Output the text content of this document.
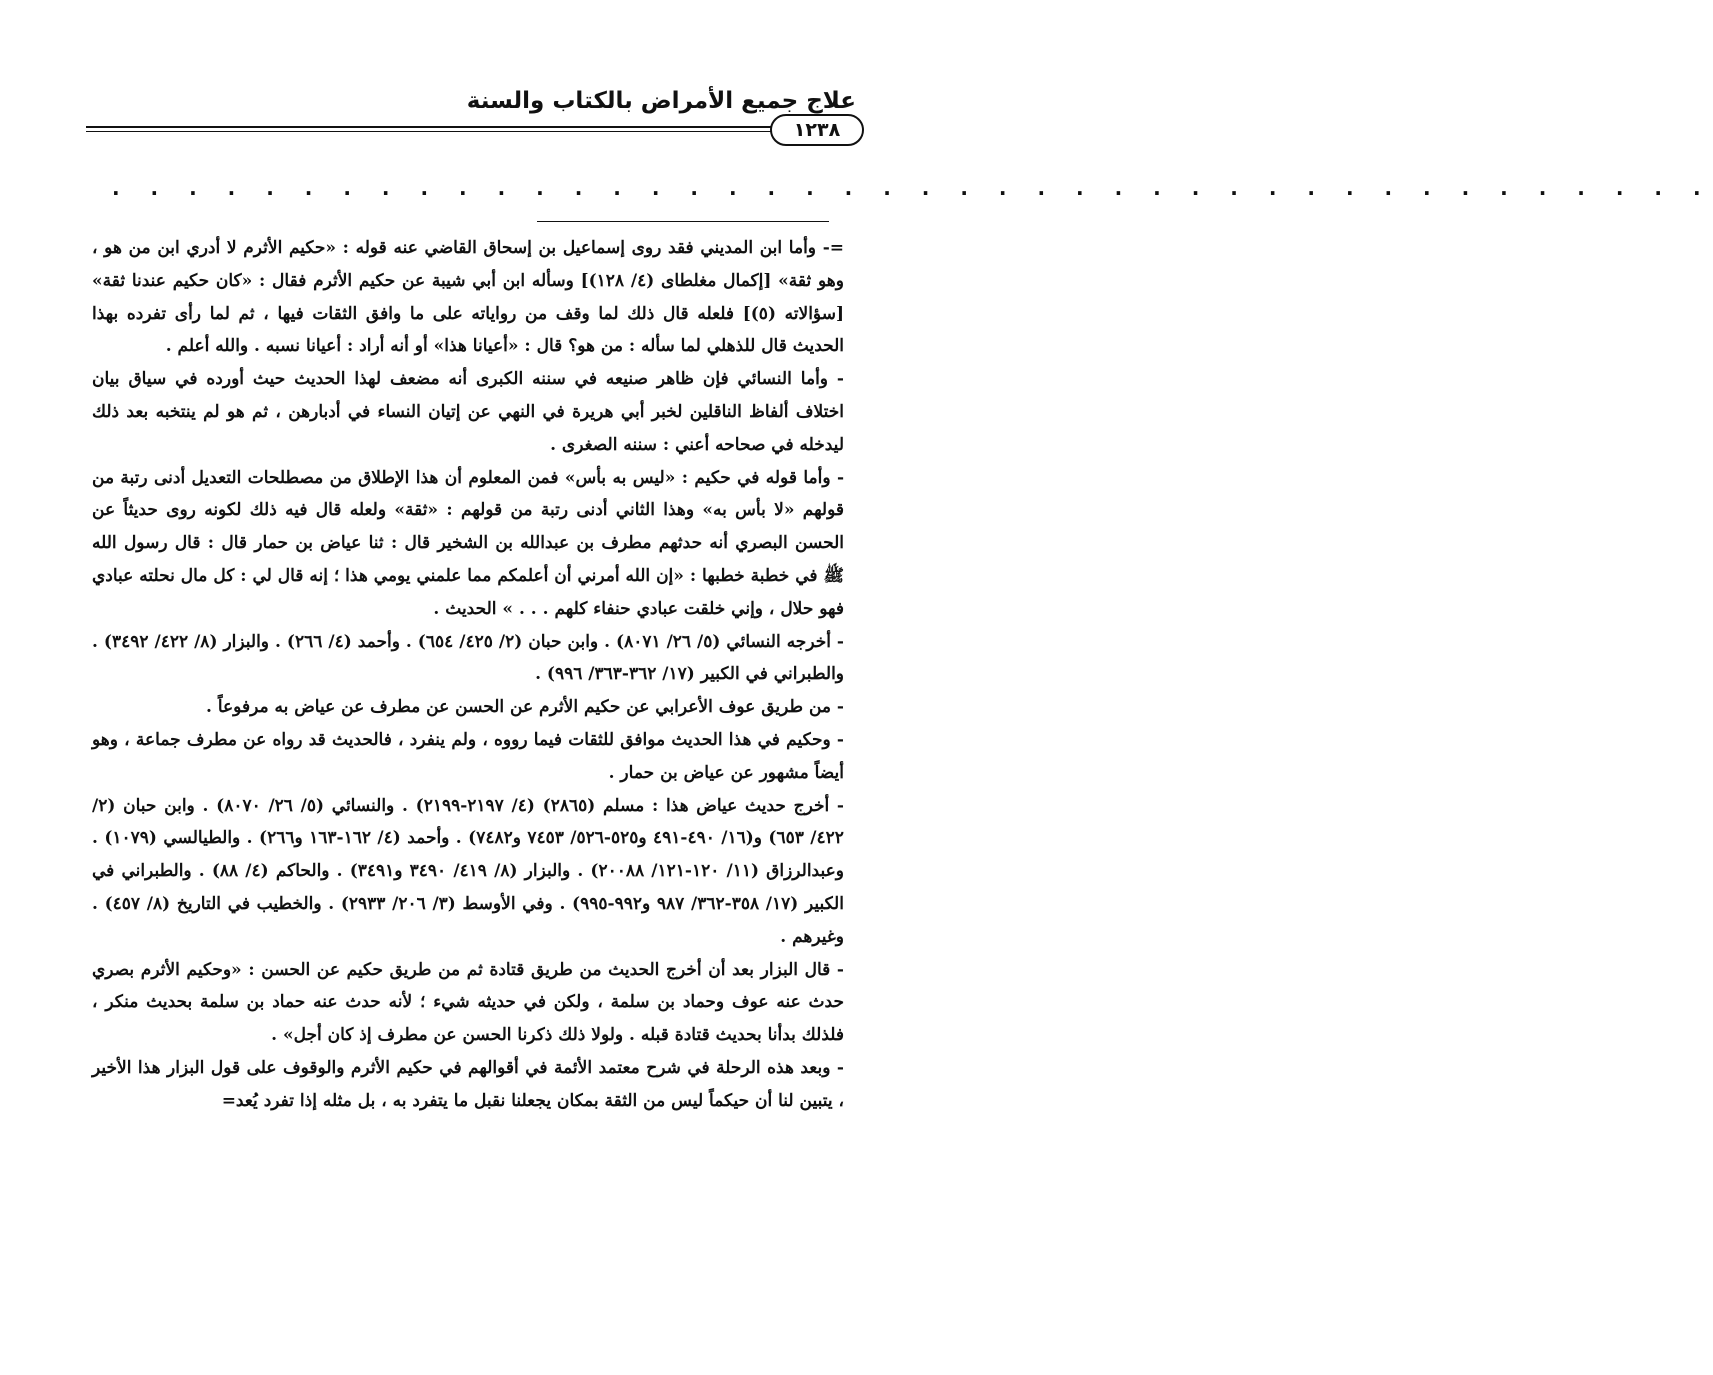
علاج جميع الأمراض بالكتاب والسنة
١٢٣٨
. . . . . . . . . . . . . . . . . . . . . . . . . . . . . . . . . . . . . . . . . .

=- وأما ابن المديني فقد روى إسماعيل بن إسحاق القاضي عنه قوله : «حكيم الأثرم لا أدري ابن من هو ، وهو ثقة» [إكمال مغلطاى (٤/ ١٢٨)] وسأله ابن أبي شيبة عن حكيم الأثرم فقال : «كان حكيم عندنا ثقة» [سؤالاته (٥)] فلعله قال ذلك لما وقف من رواياته على ما وافق الثقات فيها ، ثم لما رأى تفرده بهذا الحديث قال للذهلي لما سأله : من هو؟ قال : «أعيانا هذا» أو أنه أراد : أعيانا نسبه . والله أعلم .

- وأما النسائي فإن ظاهر صنيعه في سننه الكبرى أنه مضعف لهذا الحديث حيث أورده في سياق بيان اختلاف ألفاظ الناقلين لخبر أبي هريرة في النهي عن إتيان النساء في أدبارهن ، ثم هو لم ينتخبه بعد ذلك ليدخله في صحاحه أعني : سننه الصغرى .

- وأما قوله في حكيم : «ليس به بأس» فمن المعلوم أن هذا الإطلاق من مصطلحات التعديل أدنى رتبة من قولهم «لا بأس به» وهذا الثاني أدنى رتبة من قولهم : «ثقة» ولعله قال فيه ذلك لكونه روى حديثاً عن الحسن البصري أنه حدثهم مطرف بن عبدالله بن الشخير قال : ثنا عياض بن حمار قال : قال رسول الله ﷺ في خطبة خطبها : «إن الله أمرني أن أعلمكم مما علمني يومي هذا ؛ إنه قال لي : كل مال نحلته عبادي فهو حلال ، وإني خلقت عبادي حنفاء كلهم . . . » الحديث .

- أخرجه النسائي (٥/ ٢٦/ ٨٠٧١) . وابن حبان (٢/ ٤٢٥/ ٦٥٤) . وأحمد (٤/ ٢٦٦) . والبزار (٨/ ٤٢٢/ ٣٤٩٢) . والطبراني في الكبير (١٧/ ٣٦٢-٣٦٣/ ٩٩٦) .

- من طريق عوف الأعرابي عن حكيم الأثرم عن الحسن عن مطرف عن عياض به مرفوعاً .

- وحكيم في هذا الحديث موافق للثقات فيما رووه ، ولم ينفرد ، فالحديث قد رواه عن مطرف جماعة ، وهو أيضاً مشهور عن عياض بن حمار .

- أخرج حديث عياض هذا : مسلم (٢٨٦٥) (٤/ ٢١٩٧-٢١٩٩) . والنسائي (٥/ ٢٦/ ٨٠٧٠) . وابن حبان (٢/ ٤٢٢/ ٦٥٣) و(١٦/ ٤٩٠-٤٩١ و٥٢٥-٥٢٦/ ٧٤٥٣ و٧٤٨٢) . وأحمد (٤/ ١٦٢-١٦٣ و٢٦٦) . والطيالسي (١٠٧٩) . وعبدالرزاق (١١/ ١٢٠-١٢١/ ٢٠٠٨٨) . والبزار (٨/ ٤١٩/ ٣٤٩٠ و٣٤٩١) . والحاكم (٤/ ٨٨) . والطبراني في الكبير (١٧/ ٣٥٨-٣٦٢/ ٩٨٧ و٩٩٢-٩٩٥) . وفي الأوسط (٣/ ٢٠٦/ ٢٩٣٣) . والخطيب في التاريخ (٨/ ٤٥٧) . وغيرهم .

- قال البزار بعد أن أخرج الحديث من طريق قتادة ثم من طريق حكيم عن الحسن : «وحكيم الأثرم بصري حدث عنه عوف وحماد بن سلمة ، ولكن في حديثه شيء ؛ لأنه حدث عنه حماد بن سلمة بحديث منكر ، فلذلك بدأنا بحديث قتادة قبله . ولولا ذلك ذكرنا الحسن عن مطرف إذ كان أجل» .

- وبعد هذه الرحلة في شرح معتمد الأئمة في أقوالهم في حكيم الأثرم والوقوف على قول البزار هذا الأخير ، يتبين لنا أن حيكماً ليس من الثقة بمكان يجعلنا نقبل ما يتفرد به ، بل مثله إذا تفرد يُعد=
